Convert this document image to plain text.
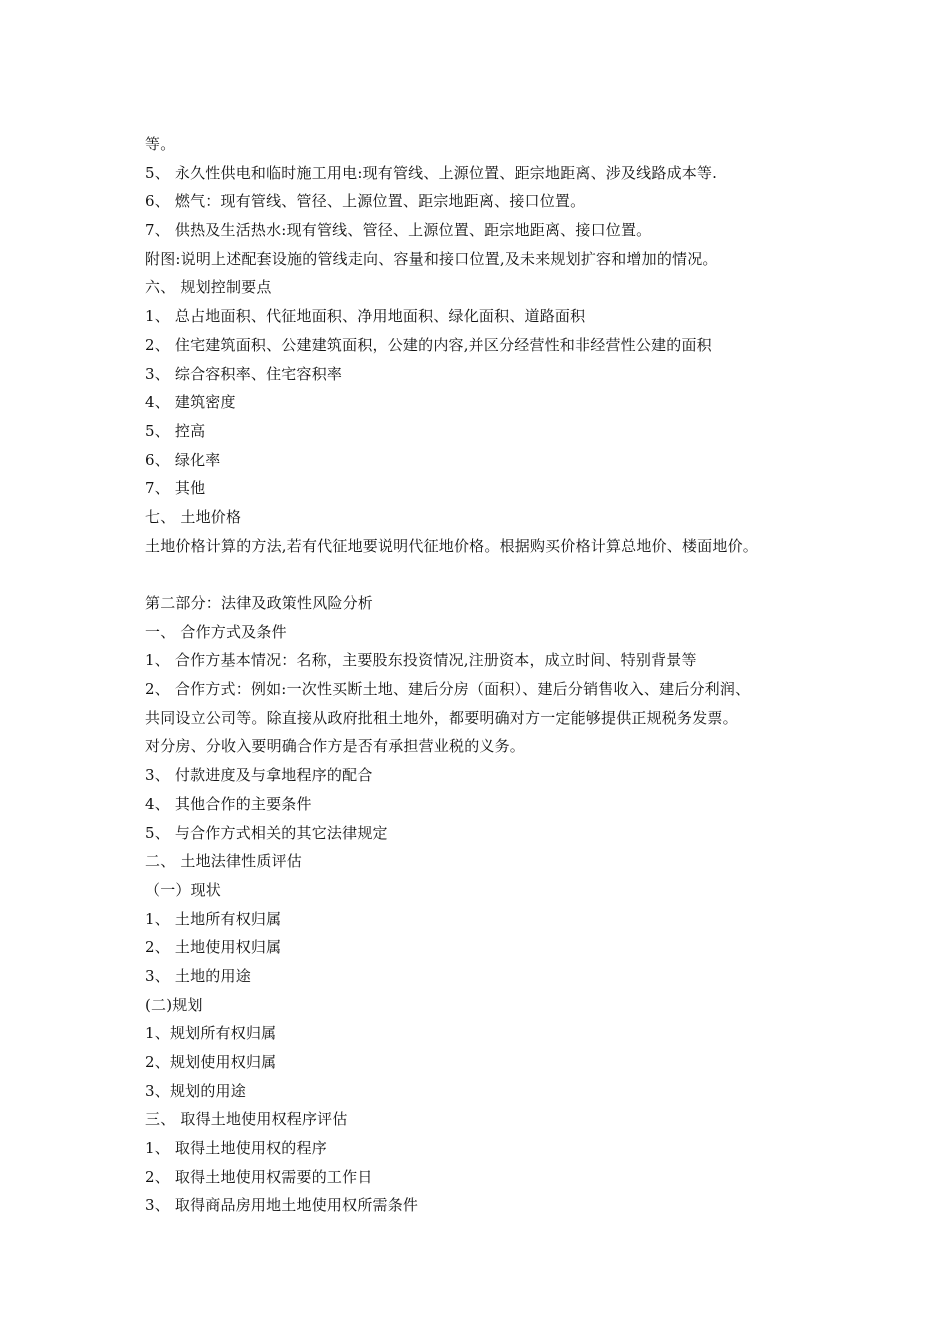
等。
5、 永久性供电和临时施工用电:现有管线、上源位置、距宗地距离、涉及线路成本等.
6、 燃气：现有管线、管径、上源位置、距宗地距离、接口位置。
7、 供热及生活热水:现有管线、管径、上源位置、距宗地距离、接口位置。
附图:说明上述配套设施的管线走向、容量和接口位置,及未来规划扩容和增加的情况。
六、 规划控制要点
1、 总占地面积、代征地面积、净用地面积、绿化面积、道路面积
2、 住宅建筑面积、公建建筑面积，公建的内容,并区分经营性和非经营性公建的面积
3、 综合容积率、住宅容积率
4、 建筑密度
5、 控高
6、 绿化率
7、 其他
七、 土地价格
土地价格计算的方法,若有代征地要说明代征地价格。根据购买价格计算总地价、楼面地价。
第二部分：法律及政策性风险分析
一、 合作方式及条件
1、 合作方基本情况：名称，主要股东投资情况,注册资本，成立时间、特别背景等
2、 合作方式：例如:一次性买断土地、建后分房（面积）、建后分销售收入、建后分利润、
共同设立公司等。除直接从政府批租土地外，都要明确对方一定能够提供正规税务发票。
对分房、分收入要明确合作方是否有承担营业税的义务。
3、 付款进度及与拿地程序的配合
4、 其他合作的主要条件
5、 与合作方式相关的其它法律规定
二、 土地法律性质评估
（一）现状
1、 土地所有权归属
2、 土地使用权归属
3、 土地的用途
(二)规划
1、规划所有权归属
2、规划使用权归属
3、规划的用途
三、 取得土地使用权程序评估
1、 取得土地使用权的程序
2、 取得土地使用权需要的工作日
3、 取得商品房用地土地使用权所需条件
